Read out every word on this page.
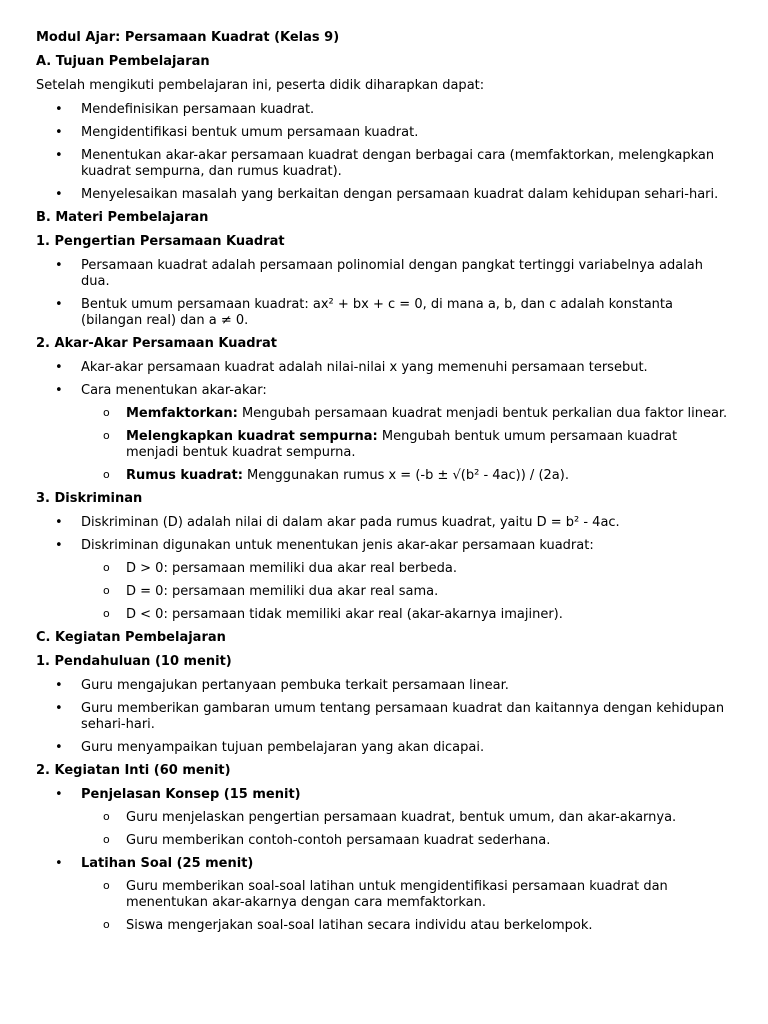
Modul Ajar: Persamaan Kuadrat (Kelas 9)
A. Tujuan Pembelajaran
Setelah mengikuti pembelajaran ini, peserta didik diharapkan dapat:
• Mendefinisikan persamaan kuadrat.
• Mengidentifikasi bentuk umum persamaan kuadrat.
• Menentukan akar-akar persamaan kuadrat dengan berbagai cara (memfaktorkan, melengkapkan kuadrat sempurna, dan rumus kuadrat).
• Menyelesaikan masalah yang berkaitan dengan persamaan kuadrat dalam kehidupan sehari-hari.
B. Materi Pembelajaran
1. Pengertian Persamaan Kuadrat
• Persamaan kuadrat adalah persamaan polinomial dengan pangkat tertinggi variabelnya adalah dua.
• Bentuk umum persamaan kuadrat: ax² + bx + c = 0, di mana a, b, dan c adalah konstanta (bilangan real) dan a ≠ 0.
2. Akar-Akar Persamaan Kuadrat
• Akar-akar persamaan kuadrat adalah nilai-nilai x yang memenuhi persamaan tersebut.
• Cara menentukan akar-akar:
o Memfaktorkan: Mengubah persamaan kuadrat menjadi bentuk perkalian dua faktor linear.
o Melengkapkan kuadrat sempurna: Mengubah bentuk umum persamaan kuadrat menjadi bentuk kuadrat sempurna.
o Rumus kuadrat: Menggunakan rumus x = (-b ± √(b² - 4ac)) / (2a).
3. Diskriminan
• Diskriminan (D) adalah nilai di dalam akar pada rumus kuadrat, yaitu D = b² - 4ac.
• Diskriminan digunakan untuk menentukan jenis akar-akar persamaan kuadrat:
o D > 0: persamaan memiliki dua akar real berbeda.
o D = 0: persamaan memiliki dua akar real sama.
o D < 0: persamaan tidak memiliki akar real (akar-akarnya imajiner).
C. Kegiatan Pembelajaran
1. Pendahuluan (10 menit)
• Guru mengajukan pertanyaan pembuka terkait persamaan linear.
• Guru memberikan gambaran umum tentang persamaan kuadrat dan kaitannya dengan kehidupan sehari-hari.
• Guru menyampaikan tujuan pembelajaran yang akan dicapai.
2. Kegiatan Inti (60 menit)
• Penjelasan Konsep (15 menit)
o Guru menjelaskan pengertian persamaan kuadrat, bentuk umum, dan akar-akarnya.
o Guru memberikan contoh-contoh persamaan kuadrat sederhana.
• Latihan Soal (25 menit)
o Guru memberikan soal-soal latihan untuk mengidentifikasi persamaan kuadrat dan menentukan akar-akarnya dengan cara memfaktorkan.
o Siswa mengerjakan soal-soal latihan secara individu atau berkelompok.
